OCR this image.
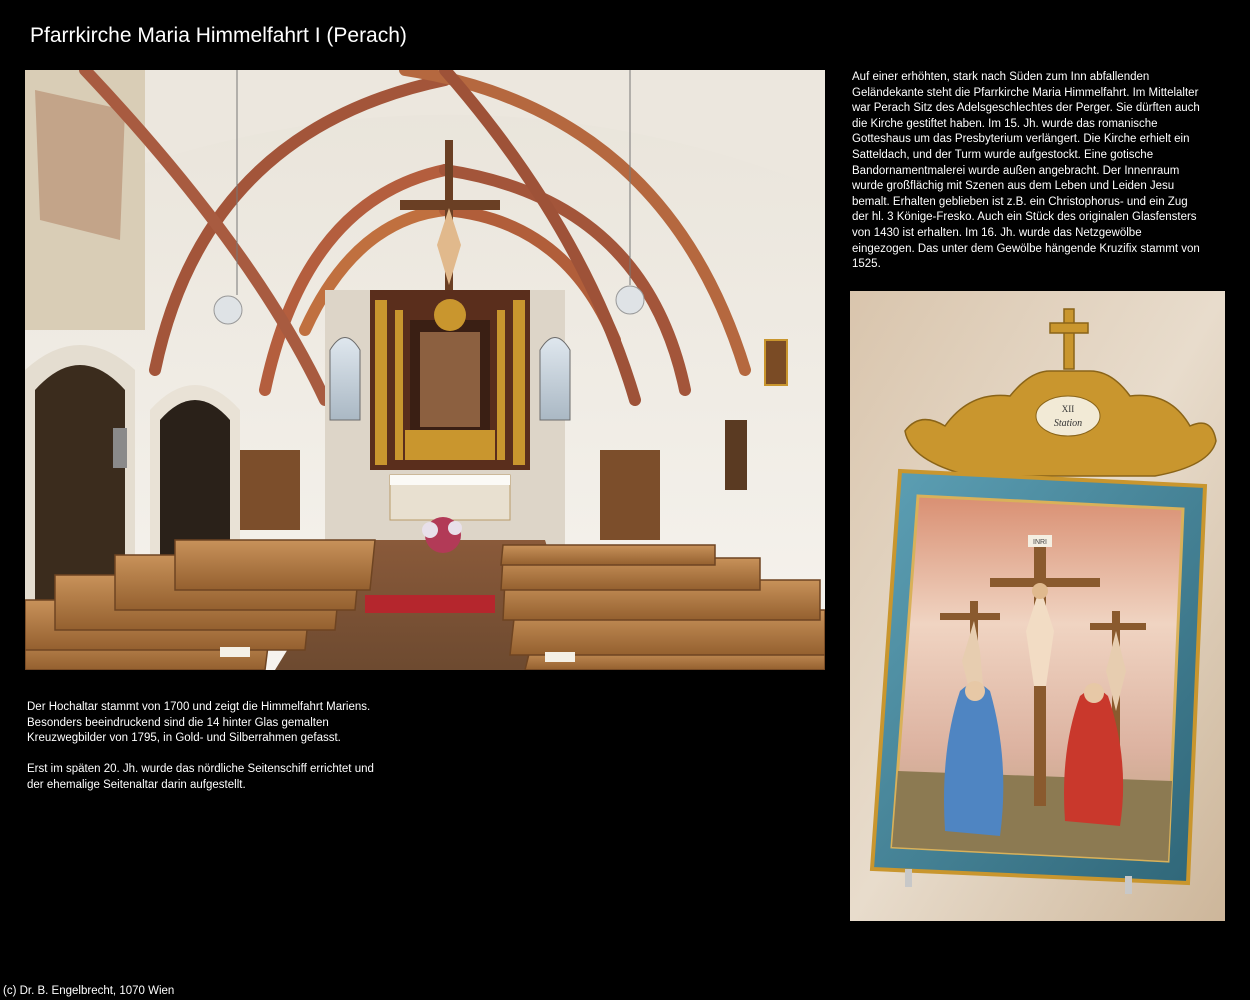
Pfarrkirche Maria Himmelfahrt I (Perach)

Auf einer erhöhten, stark nach Süden zum Inn abfallenden Geländekante steht die Pfarrkirche Maria Himmelfahrt. Im Mittelalter war Perach Sitz des Adelsgeschlechtes der Perger. Sie dürften auch die Kirche gestiftet haben. Im 15. Jh. wurde das romanische Gotteshaus um das Presbyterium verlängert. Die Kirche erhielt ein Satteldach, und der Turm wurde aufgestockt. Eine gotische Bandornamentmalerei wurde außen angebracht. Der Innenraum wurde großflächig mit Szenen aus dem Leben und Leiden Jesu bemalt. Erhalten geblieben ist z.B. ein Christophorus- und ein Zug der hl. 3 Könige-Fresko. Auch ein Stück des originalen Glasfensters von 1430 ist erhalten. Im 16. Jh. wurde das Netzgewölbe eingezogen. Das unter dem Gewölbe hängende Kruzifix stammt von 1525.

XII
Station
INRI

Der Hochaltar stammt von 1700 und zeigt die Himmelfahrt Mariens. Besonders beeindruckend sind die 14 hinter Glas gemalten Kreuzwegbilder von 1795, in Gold- und Silberrahmen gefasst.

Erst im späten 20. Jh. wurde das nördliche Seitenschiff errichtet und der ehemalige Seitenaltar darin aufgestellt.

(c) Dr. B. Engelbrecht, 1070 Wien
